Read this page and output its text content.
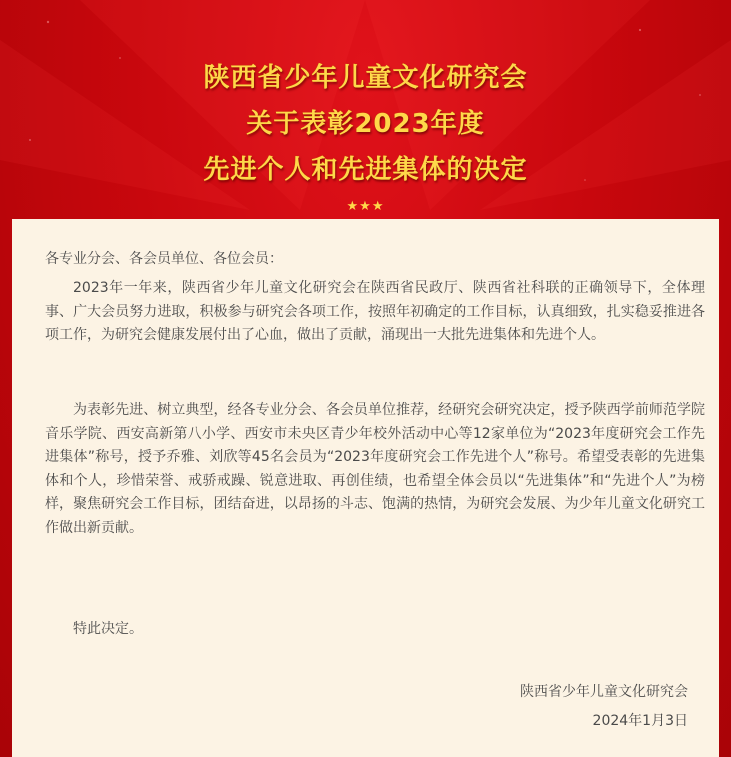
陕西省少年儿童文化研究会
关于表彰2023年度
先进个人和先进集体的决定
★★★

各专业分会、各会员单位、各位会员：

2023年一年来，陕西省少年儿童文化研究会在陕西省民政厅、陕西省社科联的正确领导下，全体理事、广大会员努力进取，积极参与研究会各项工作，按照年初确定的工作目标，认真细致，扎实稳妥推进各项工作，为研究会健康发展付出了心血，做出了贡献，涌现出一大批先进集体和先进个人。

为表彰先进、树立典型，经各专业分会、各会员单位推荐，经研究会研究决定，授予陕西学前师范学院音乐学院、西安高新第八小学、西安市未央区青少年校外活动中心等12家单位为“2023年度研究会工作先进集体”称号，授予乔雅、刘欣等45名会员为“2023年度研究会工作先进个人”称号。希望受表彰的先进集体和个人，珍惜荣誉、戒骄戒躁、锐意进取、再创佳绩，也希望全体会员以“先进集体”和“先进个人”为榜样，聚焦研究会工作目标，团结奋进，以昂扬的斗志、饱满的热情，为研究会发展、为少年儿童文化研究工作做出新贡献。

特此决定。

陕西省少年儿童文化研究会
2024年1月3日
